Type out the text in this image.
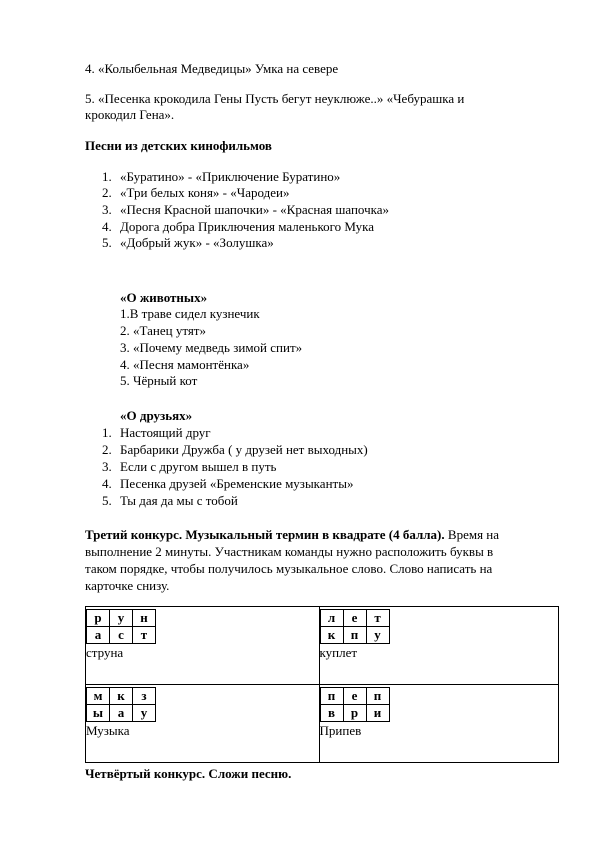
4. «Колыбельная Медведицы» Умка на севере
5. «Песенка крокодила Гены Пусть бегут неуклюже..» «Чебурашка и
крокодил Гена».
Песни из детских кинофильмов
1. «Буратино» - «Приключение Буратино»
2. «Три белых коня» - «Чародеи»
3. «Песня Красной шапочки» - «Красная шапочка»
4. Дорога добра Приключения маленького Мука
5. «Добрый жук» - «Золушка»
«О животных»
1.В траве сидел кузнечик
2. «Танец утят»
3. «Почему медведь зимой спит»
4. «Песня мамонтёнка»
5. Чёрный кот
«О друзьях»
1. Настоящий друг
2. Барбарики Дружба ( у друзей нет выходных)
3. Если с другом вышел в путь
4. Песенка друзей «Бременские музыканты»
5. Ты дая да мы с тобой
Третий конкурс. Музыкальный термин в квадрате (4 балла). Время на
выполнение 2 минуты. Участникам команды нужно расположить буквы в
таком порядке, чтобы получилось музыкальное слово. Слово написать на
карточке снизу.
р	у	н
а	с	т
струна

л	е	т
к	п	у
куплет

м	к	з
ы	а	у
Музыка

п	е	п
в	р	и
Припев
Четвёртый конкурс. Сложи песню.
